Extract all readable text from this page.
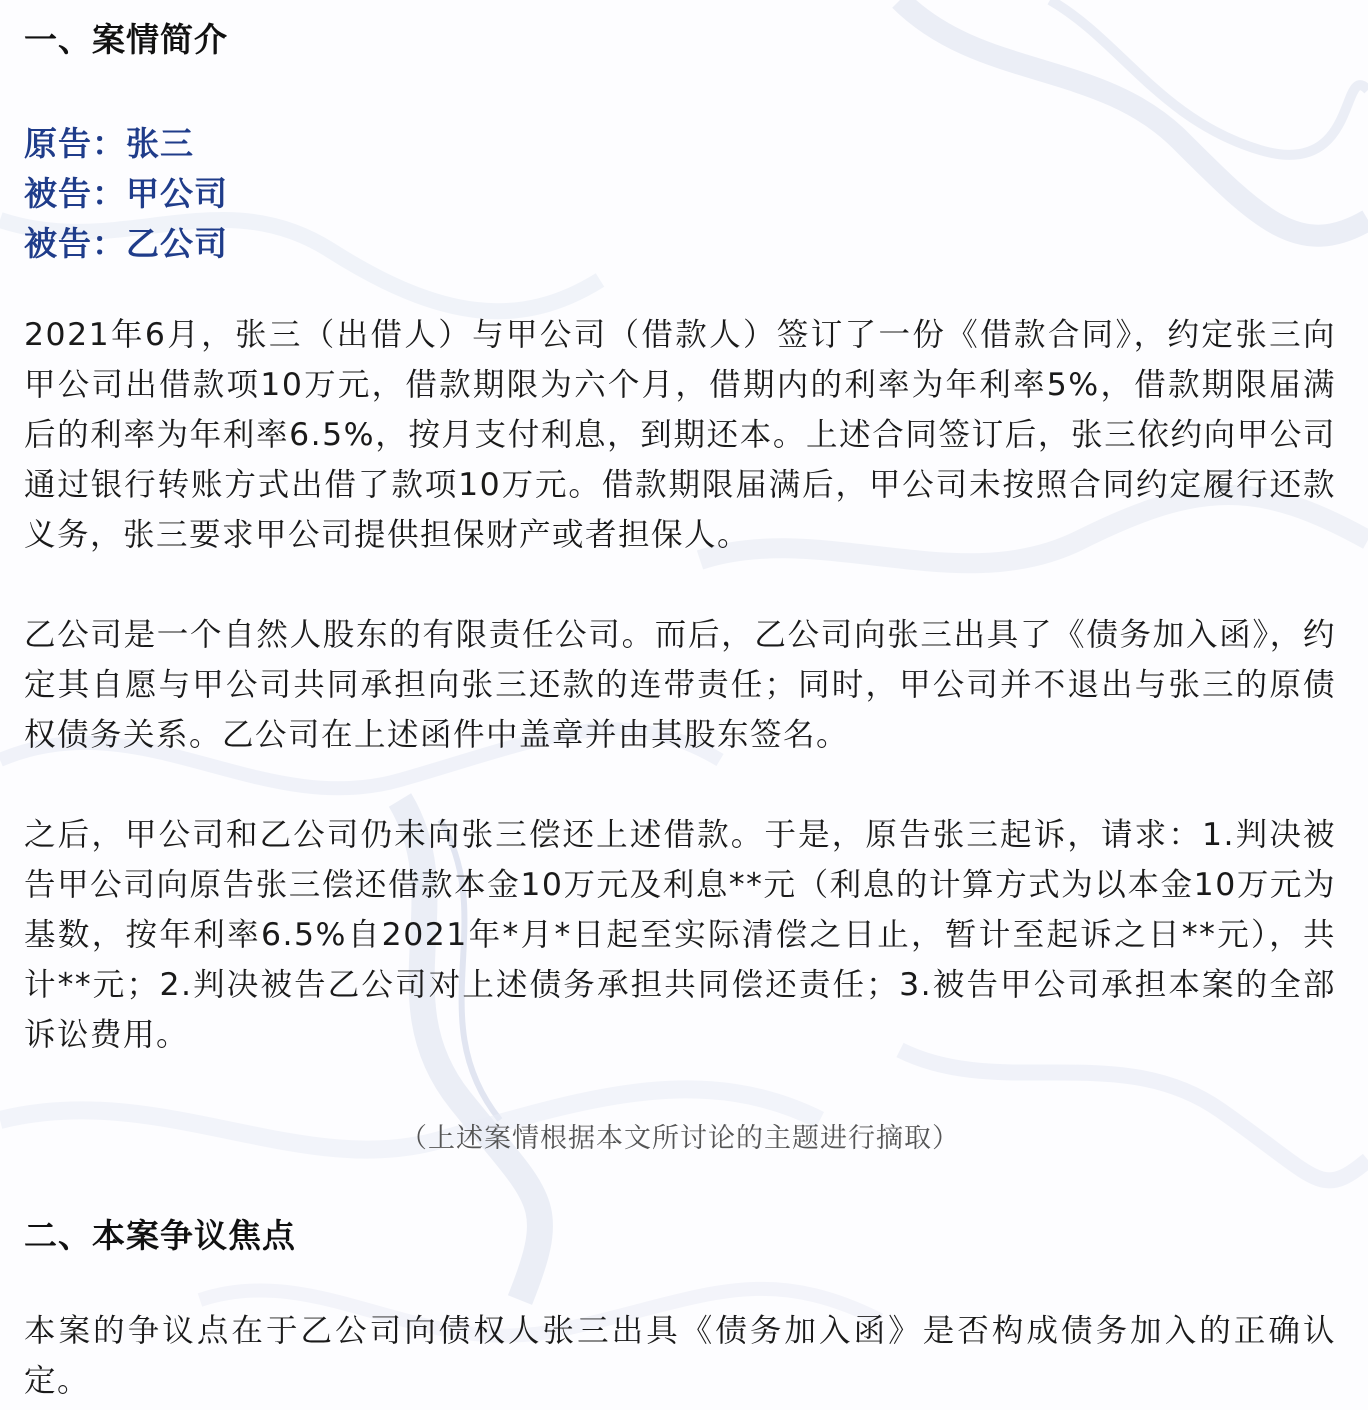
一、案情简介
原告：张三
被告：甲公司
被告：乙公司

2021年6月，张三（出借人）与甲公司（借款人）签订了一份《借款合同》，约定张三向甲公司出借款项10万元，借款期限为六个月，借期内的利率为年利率5%，借款期限届满后的利率为年利率6.5%，按月支付利息，到期还本。上述合同签订后，张三依约向甲公司通过银行转账方式出借了款项10万元。借款期限届满后，甲公司未按照合同约定履行还款义务，张三要求甲公司提供担保财产或者担保人。

乙公司是一个自然人股东的有限责任公司。而后，乙公司向张三出具了《债务加入函》，约定其自愿与甲公司共同承担向张三还款的连带责任；同时，甲公司并不退出与张三的原债权债务关系。乙公司在上述函件中盖章并由其股东签名。

之后，甲公司和乙公司仍未向张三偿还上述借款。于是，原告张三起诉，请求：1.判决被告甲公司向原告张三偿还借款本金10万元及利息**元（利息的计算方式为以本金10万元为基数，按年利率6.5%自2021年*月*日起至实际清偿之日止，暂计至起诉之日**元），共计**元；2.判决被告乙公司对上述债务承担共同偿还责任；3.被告甲公司承担本案的全部诉讼费用。

（上述案情根据本文所讨论的主题进行摘取）

二、本案争议焦点

本案的争议点在于乙公司向债权人张三出具《债务加入函》是否构成债务加入的正确认定。
